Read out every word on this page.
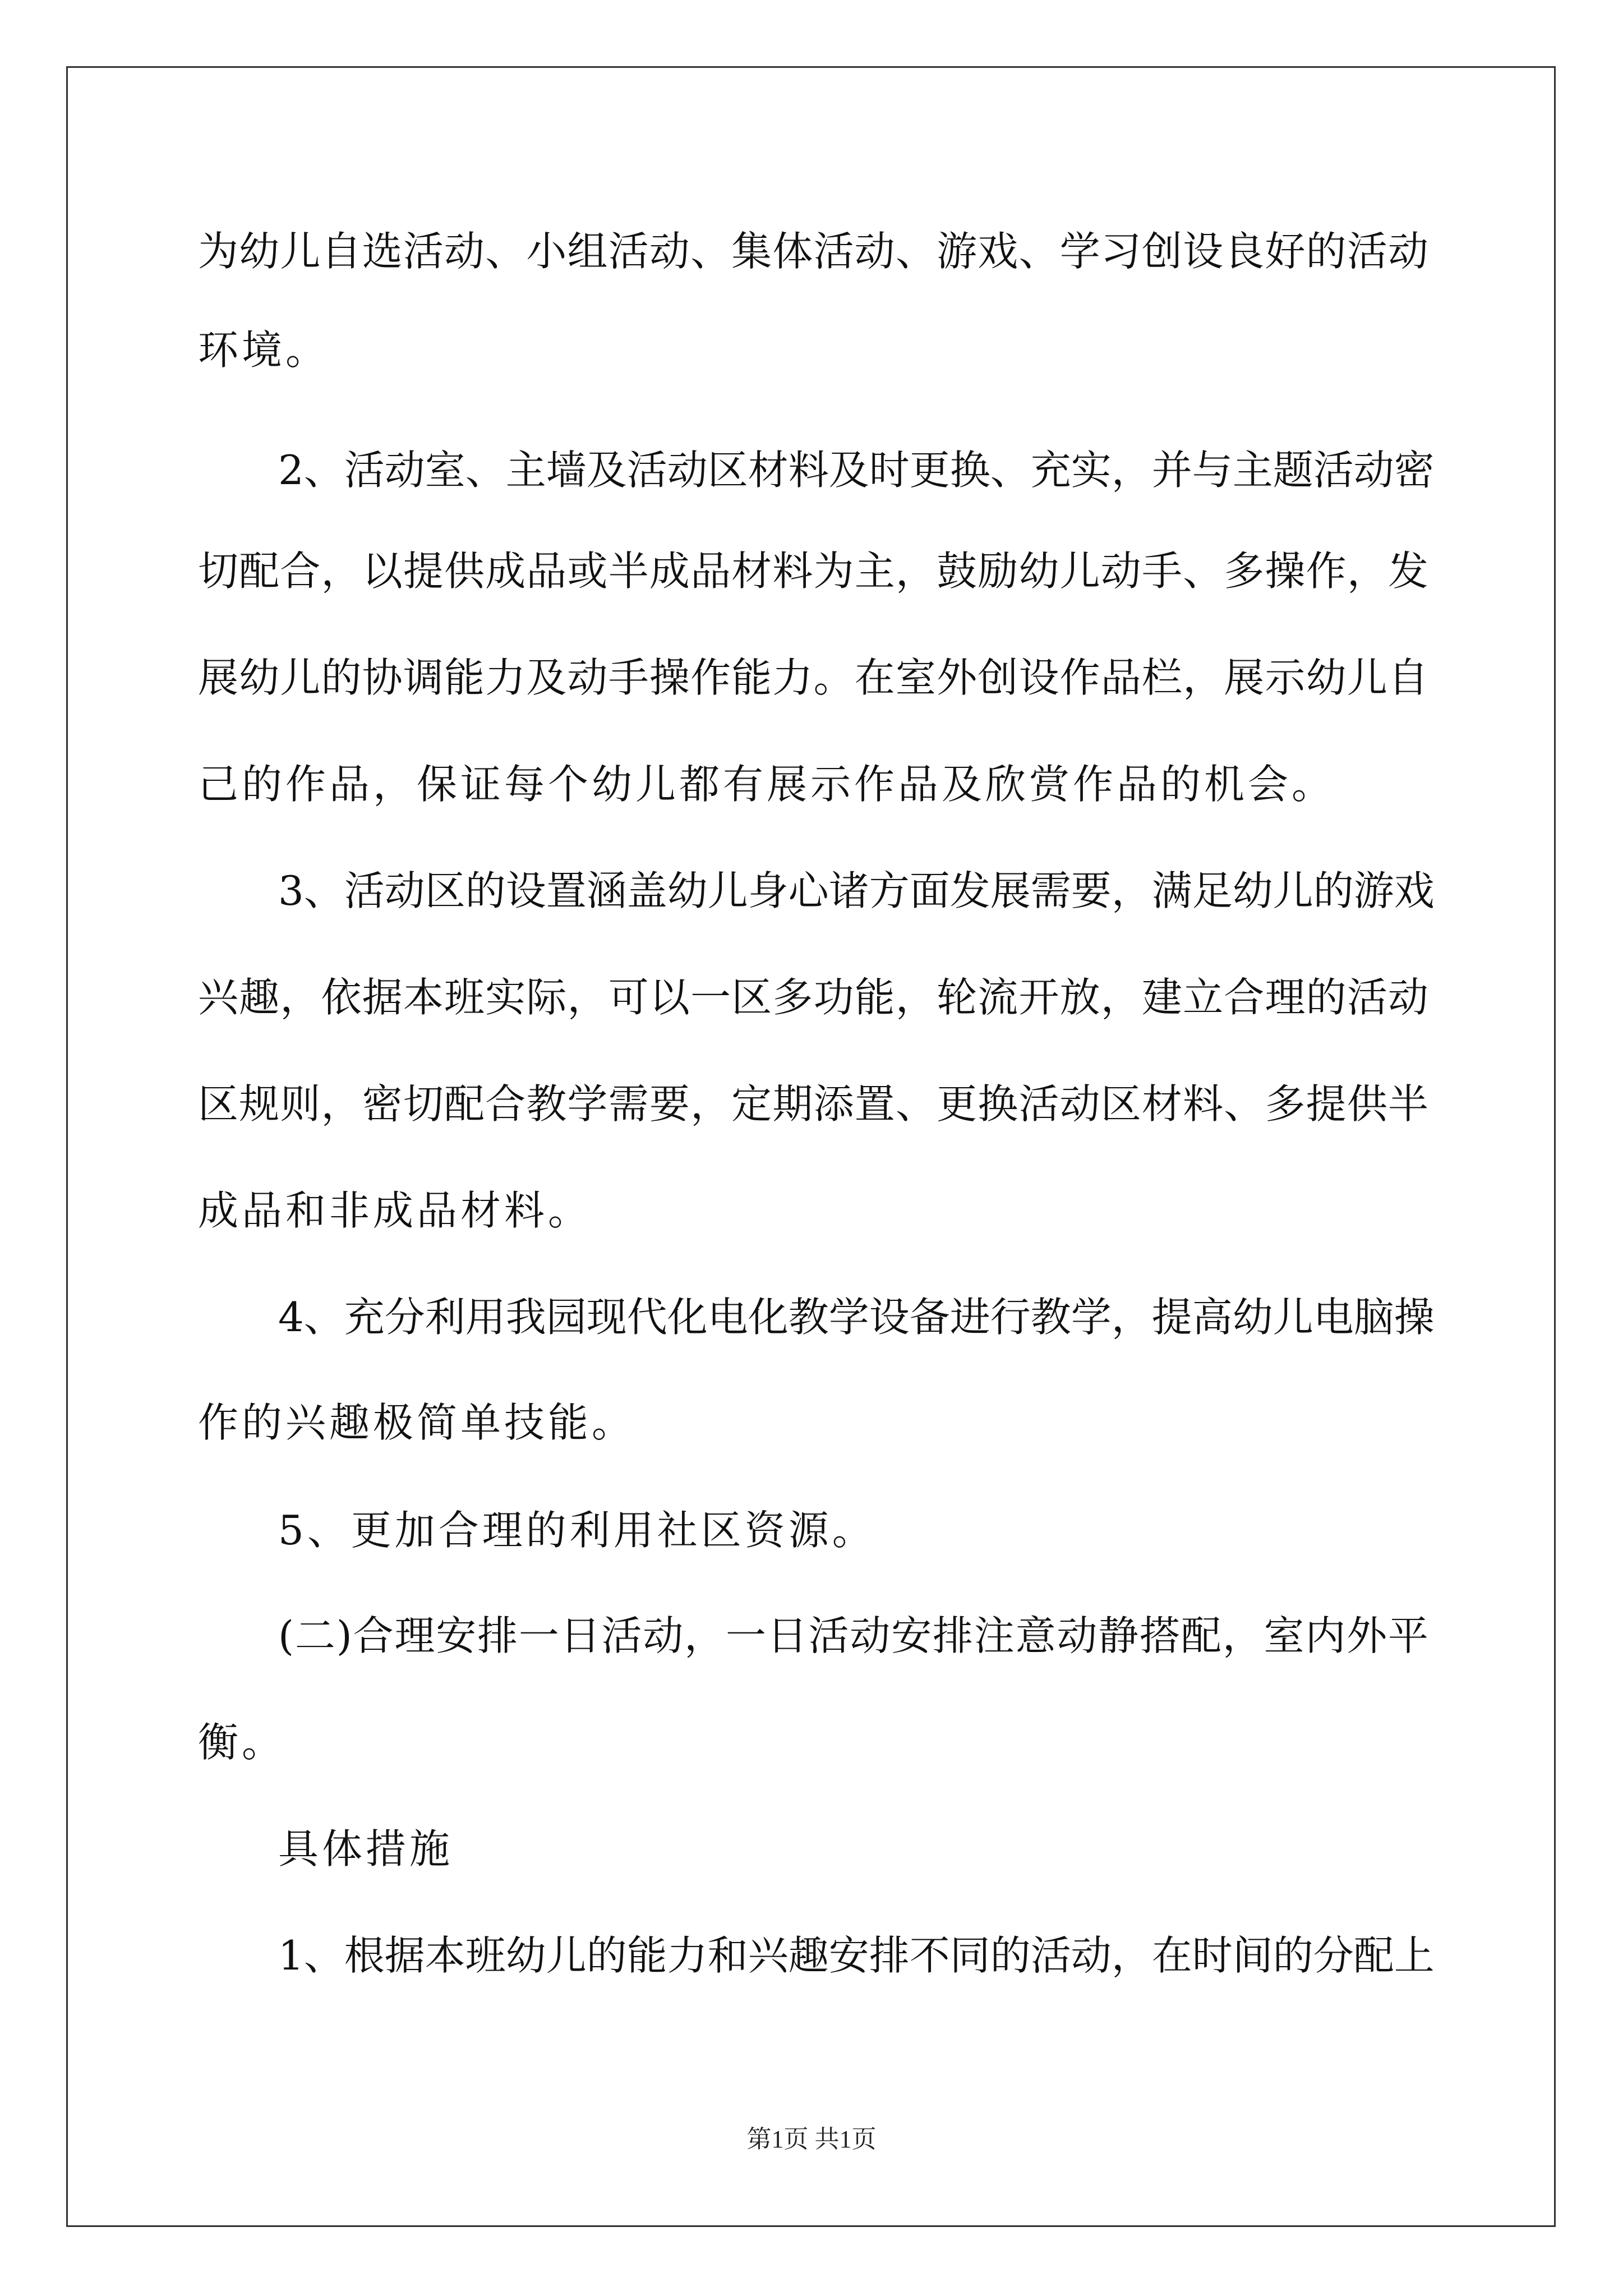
为幼儿自选活动、小组活动、集体活动、游戏、学习创设良好的活动
环境。
2、活动室、主墙及活动区材料及时更换、充实，并与主题活动密
切配合，以提供成品或半成品材料为主，鼓励幼儿动手、多操作，发
展幼儿的协调能力及动手操作能力。在室外创设作品栏，展示幼儿自
己的作品，保证每个幼儿都有展示作品及欣赏作品的机会。
3、活动区的设置涵盖幼儿身心诸方面发展需要，满足幼儿的游戏
兴趣，依据本班实际，可以一区多功能，轮流开放，建立合理的活动
区规则，密切配合教学需要，定期添置、更换活动区材料、多提供半
成品和非成品材料。
4、充分利用我园现代化电化教学设备进行教学，提高幼儿电脑操
作的兴趣极简单技能。
5、更加合理的利用社区资源。
(二)合理安排一日活动，一日活动安排注意动静搭配，室内外平
衡。
具体措施
1、根据本班幼儿的能力和兴趣安排不同的活动，在时间的分配上
第1页 共1页
